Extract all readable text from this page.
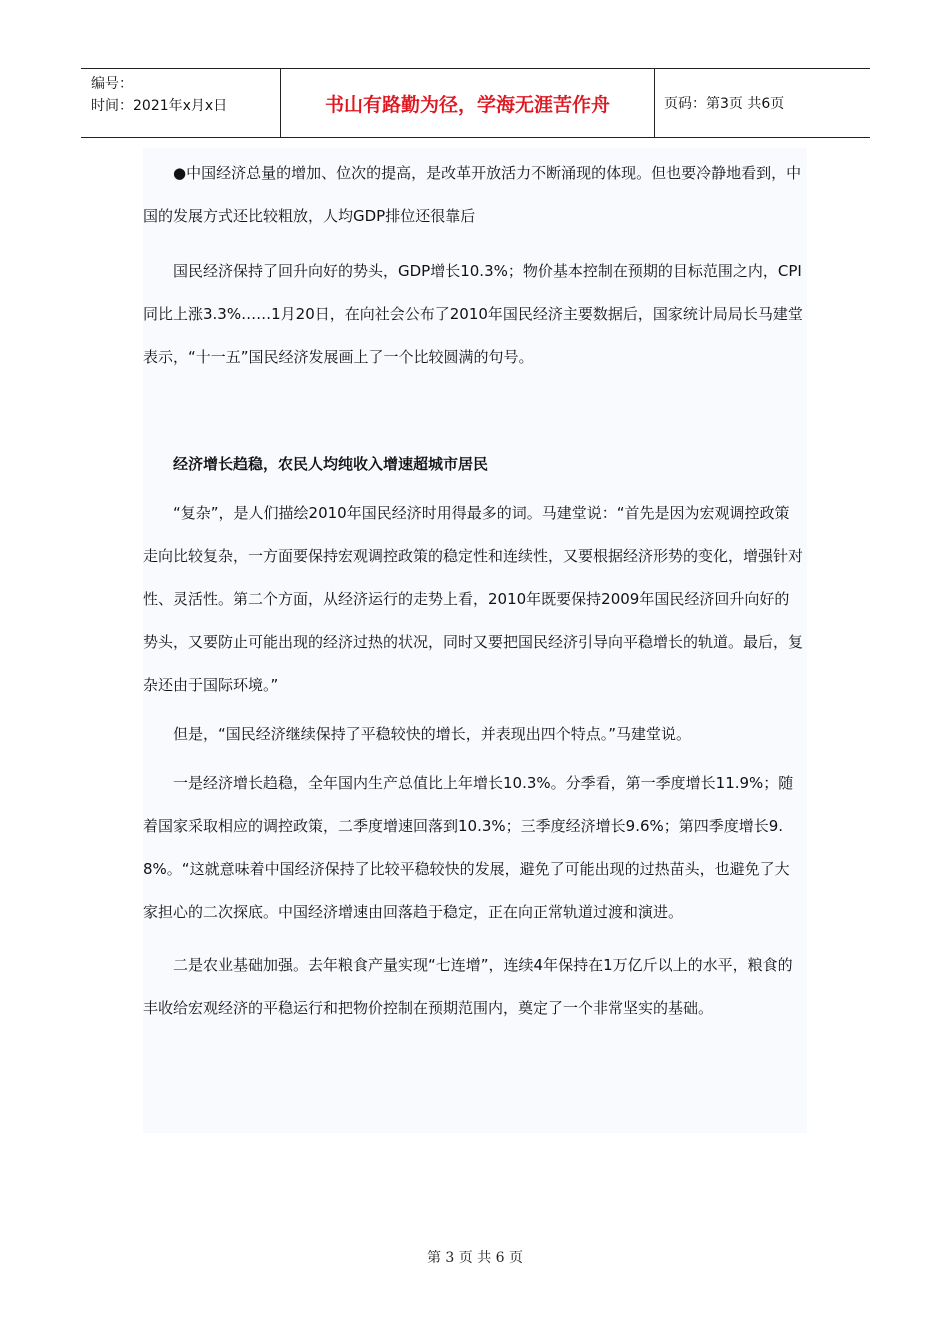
编号：
时间：2021年x月x日	书山有路勤为径，学海无涯苦作舟	页码：第3页 共6页

●中国经济总量的增加、位次的提高，是改革开放活力不断涌现的体现。但也要冷静地看到，中国的发展方式还比较粗放，人均GDP排位还很靠后

国民经济保持了回升向好的势头，GDP增长10.3%；物价基本控制在预期的目标范围之内，CPI同比上涨3.3%……1月20日，在向社会公布了2010年国民经济主要数据后，国家统计局局长马建堂表示，“十一五”国民经济发展画上了一个比较圆满的句号。

经济增长趋稳，农民人均纯收入增速超城市居民

“复杂”，是人们描绘2010年国民经济时用得最多的词。马建堂说：“首先是因为宏观调控政策走向比较复杂，一方面要保持宏观调控政策的稳定性和连续性，又要根据经济形势的变化，增强针对性、灵活性。第二个方面，从经济运行的走势上看，2010年既要保持2009年国民经济回升向好的势头，又要防止可能出现的经济过热的状况，同时又要把国民经济引导向平稳增长的轨道。最后，复杂还由于国际环境。”

但是，“国民经济继续保持了平稳较快的增长，并表现出四个特点。”马建堂说。

一是经济增长趋稳，全年国内生产总值比上年增长10.3%。分季看，第一季度增长11.9%；随着国家采取相应的调控政策，二季度增速回落到10.3%；三季度经济增长9.6%；第四季度增长9.8%。“这就意味着中国经济保持了比较平稳较快的发展，避免了可能出现的过热苗头，也避免了大家担心的二次探底。中国经济增速由回落趋于稳定，正在向正常轨道过渡和演进。

二是农业基础加强。去年粮食产量实现“七连增”，连续4年保持在1万亿斤以上的水平，粮食的丰收给宏观经济的平稳运行和把物价控制在预期范围内，奠定了一个非常坚实的基础。

第 3 页 共 6 页
